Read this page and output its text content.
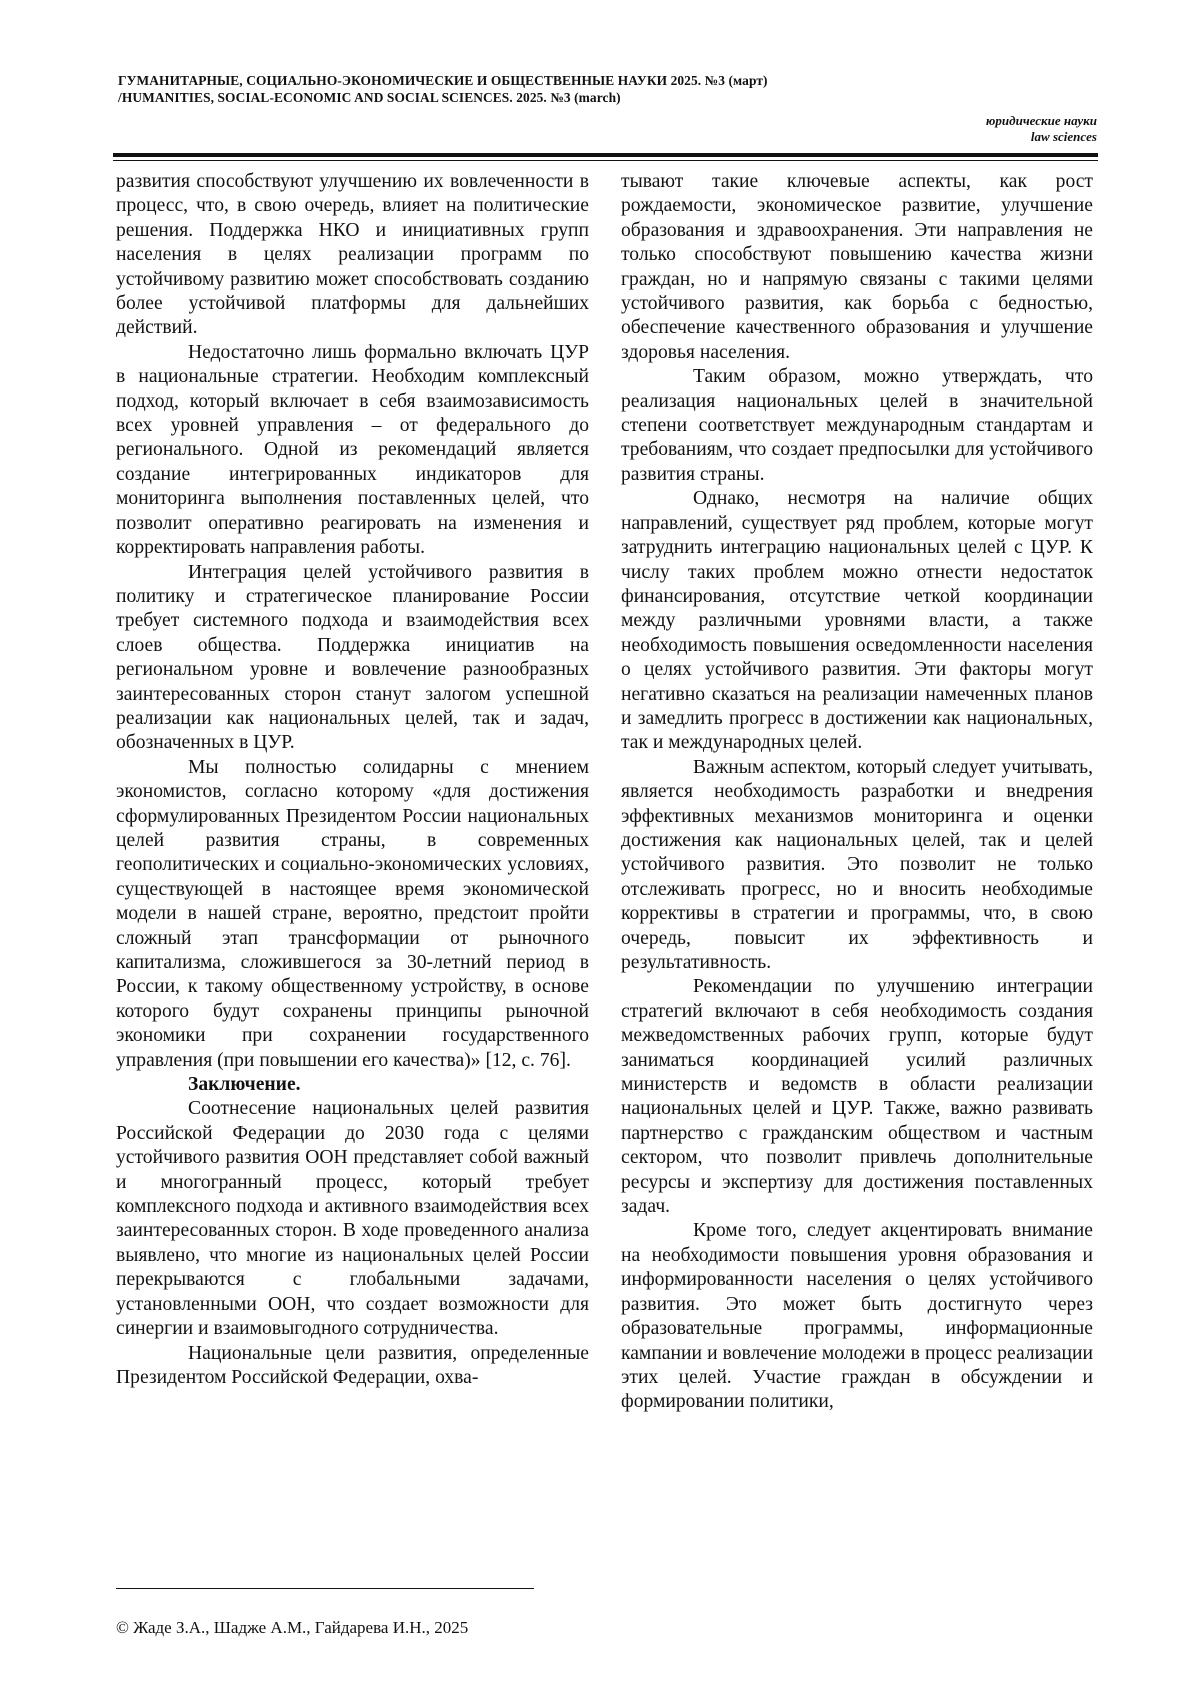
ГУМАНИТАРНЫЕ, СОЦИАЛЬНО-ЭКОНОМИЧЕСКИЕ И ОБЩЕСТВЕННЫЕ НАУКИ 2025. №3 (март)
/HUMANITIES, SOCIAL-ECONOMIC AND SOCIAL SCIENCES. 2025. №3 (march)
юридические науки
law sciences

развития способствуют улучшению их вовлеченности в процесс, что, в свою очередь, влияет на политические решения. Поддержка НКО и инициативных групп населения в целях реализации программ по устойчивому развитию может способствовать созданию более устойчивой платформы для дальнейших действий.

Недостаточно лишь формально включать ЦУР в национальные стратегии. Необходим комплексный подход, который включает в себя взаимозависимость всех уровней управления – от федерального до регионального. Одной из рекомендаций является создание интегрированных индикаторов для мониторинга выполнения поставленных целей, что позволит оперативно реагировать на изменения и корректировать направления работы.

Интеграция целей устойчивого развития в политику и стратегическое планирование России требует системного подхода и взаимодействия всех слоев общества. Поддержка инициатив на региональном уровне и вовлечение разнообразных заинтересованных сторон станут залогом успешной реализации как национальных целей, так и задач, обозначенных в ЦУР.

Мы полностью солидарны с мнением экономистов, согласно которому «для достижения сформулированных Президентом России национальных целей развития страны, в современных геополитических и социально-экономических условиях, существующей в настоящее время экономической модели в нашей стране, вероятно, предстоит пройти сложный этап трансформации от рыночного капитализма, сложившегося за 30-летний период в России, к такому общественному устройству, в основе которого будут сохранены принципы рыночной экономики при сохранении государственного управления (при повышении его качества)» [12, с. 76].

Заключение.

Соотнесение национальных целей развития Российской Федерации до 2030 года с целями устойчивого развития ООН представляет собой важный и многогранный процесс, который требует комплексного подхода и активного взаимодействия всех заинтересованных сторон. В ходе проведенного анализа выявлено, что многие из национальных целей России перекрываются с глобальными задачами, установленными ООН, что создает возможности для синергии и взаимовыгодного сотрудничества.

Национальные цели развития, определенные Президентом Российской Федерации, охва-

тывают такие ключевые аспекты, как рост рождаемости, экономическое развитие, улучшение образования и здравоохранения. Эти направления не только способствуют повышению качества жизни граждан, но и напрямую связаны с такими целями устойчивого развития, как борьба с бедностью, обеспечение качественного образования и улучшение здоровья населения.

Таким образом, можно утверждать, что реализация национальных целей в значительной степени соответствует международным стандартам и требованиям, что создает предпосылки для устойчивого развития страны.

Однако, несмотря на наличие общих направлений, существует ряд проблем, которые могут затруднить интеграцию национальных целей с ЦУР. К числу таких проблем можно отнести недостаток финансирования, отсутствие четкой координации между различными уровнями власти, а также необходимость повышения осведомленности населения о целях устойчивого развития. Эти факторы могут негативно сказаться на реализации намеченных планов и замедлить прогресс в достижении как национальных, так и международных целей.

Важным аспектом, который следует учитывать, является необходимость разработки и внедрения эффективных механизмов мониторинга и оценки достижения как национальных целей, так и целей устойчивого развития. Это позволит не только отслеживать прогресс, но и вносить необходимые коррективы в стратегии и программы, что, в свою очередь, повысит их эффективность и результативность.

Рекомендации по улучшению интеграции стратегий включают в себя необходимость создания межведомственных рабочих групп, которые будут заниматься координацией усилий различных министерств и ведомств в области реализации национальных целей и ЦУР. Также, важно развивать партнерство с гражданским обществом и частным сектором, что позволит привлечь дополнительные ресурсы и экспертизу для достижения поставленных задач.

Кроме того, следует акцентировать внимание на необходимости повышения уровня образования и информированности населения о целях устойчивого развития. Это может быть достигнуто через образовательные программы, информационные кампании и вовлечение молодежи в процесс реализации этих целей. Участие граждан в обсуждении и формировании политики,

© Жаде З.А., Шадже А.М., Гайдарева И.Н., 2025
